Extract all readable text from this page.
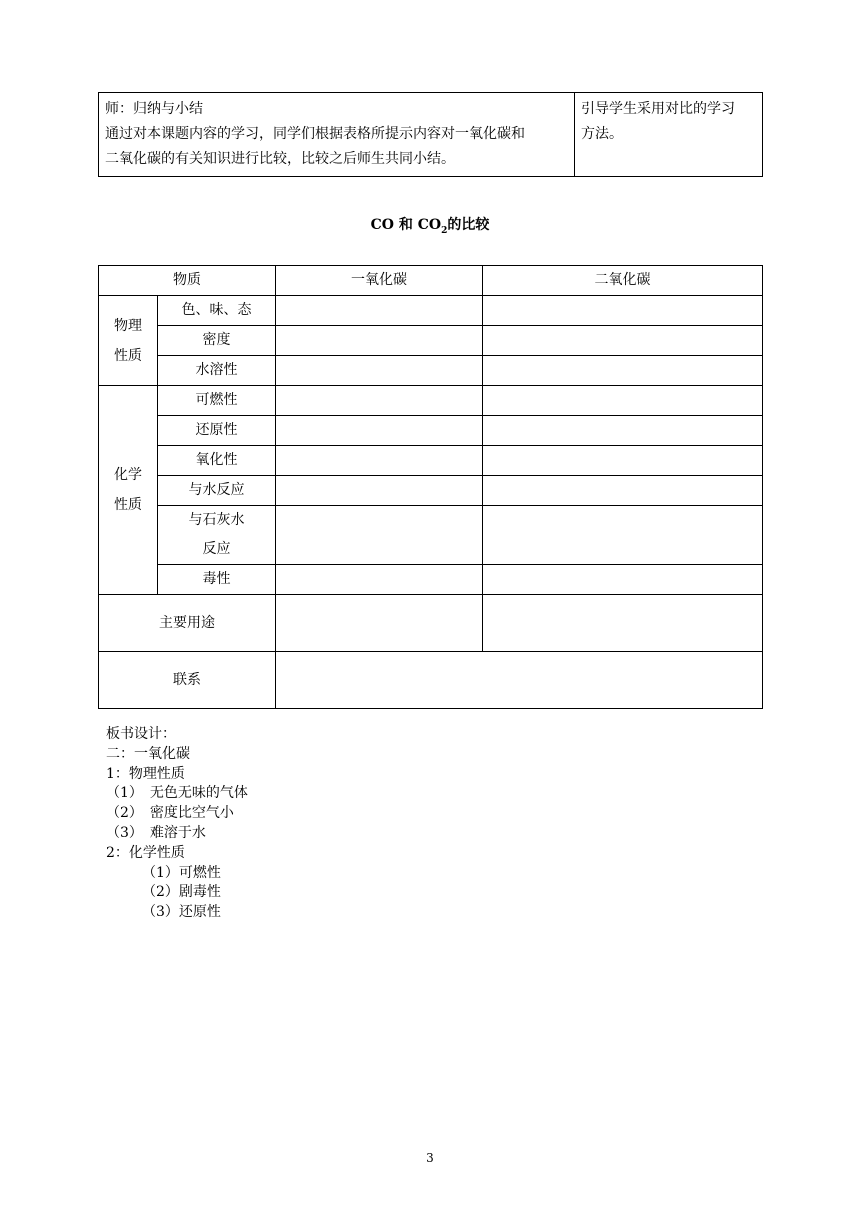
师：归纳与小结
通过对本课题内容的学习，同学们根据表格所提示内容对一氧化碳和
二氧化碳的有关知识进行比较，比较之后师生共同小结。

引导学生采用对比的学习
方法。
CO 和 $CO_2$的比较
物质		一氧化碳	二氧化碳

物理
性质	色、味、态		
	密度		
	水溶性		

化学
性质	可燃性		
	还原性		
	氧化性		
	与水反应		

	与石灰水
反应		

	毒性		
主要用途			
联系			
板书设计：
二：一氧化碳
1：物理性质
（1）　无色无味的气体
（2）　密度比空气小
（3）　难溶于水
2：化学性质
（1）可燃性
（2）剧毒性
（3）还原性
3
